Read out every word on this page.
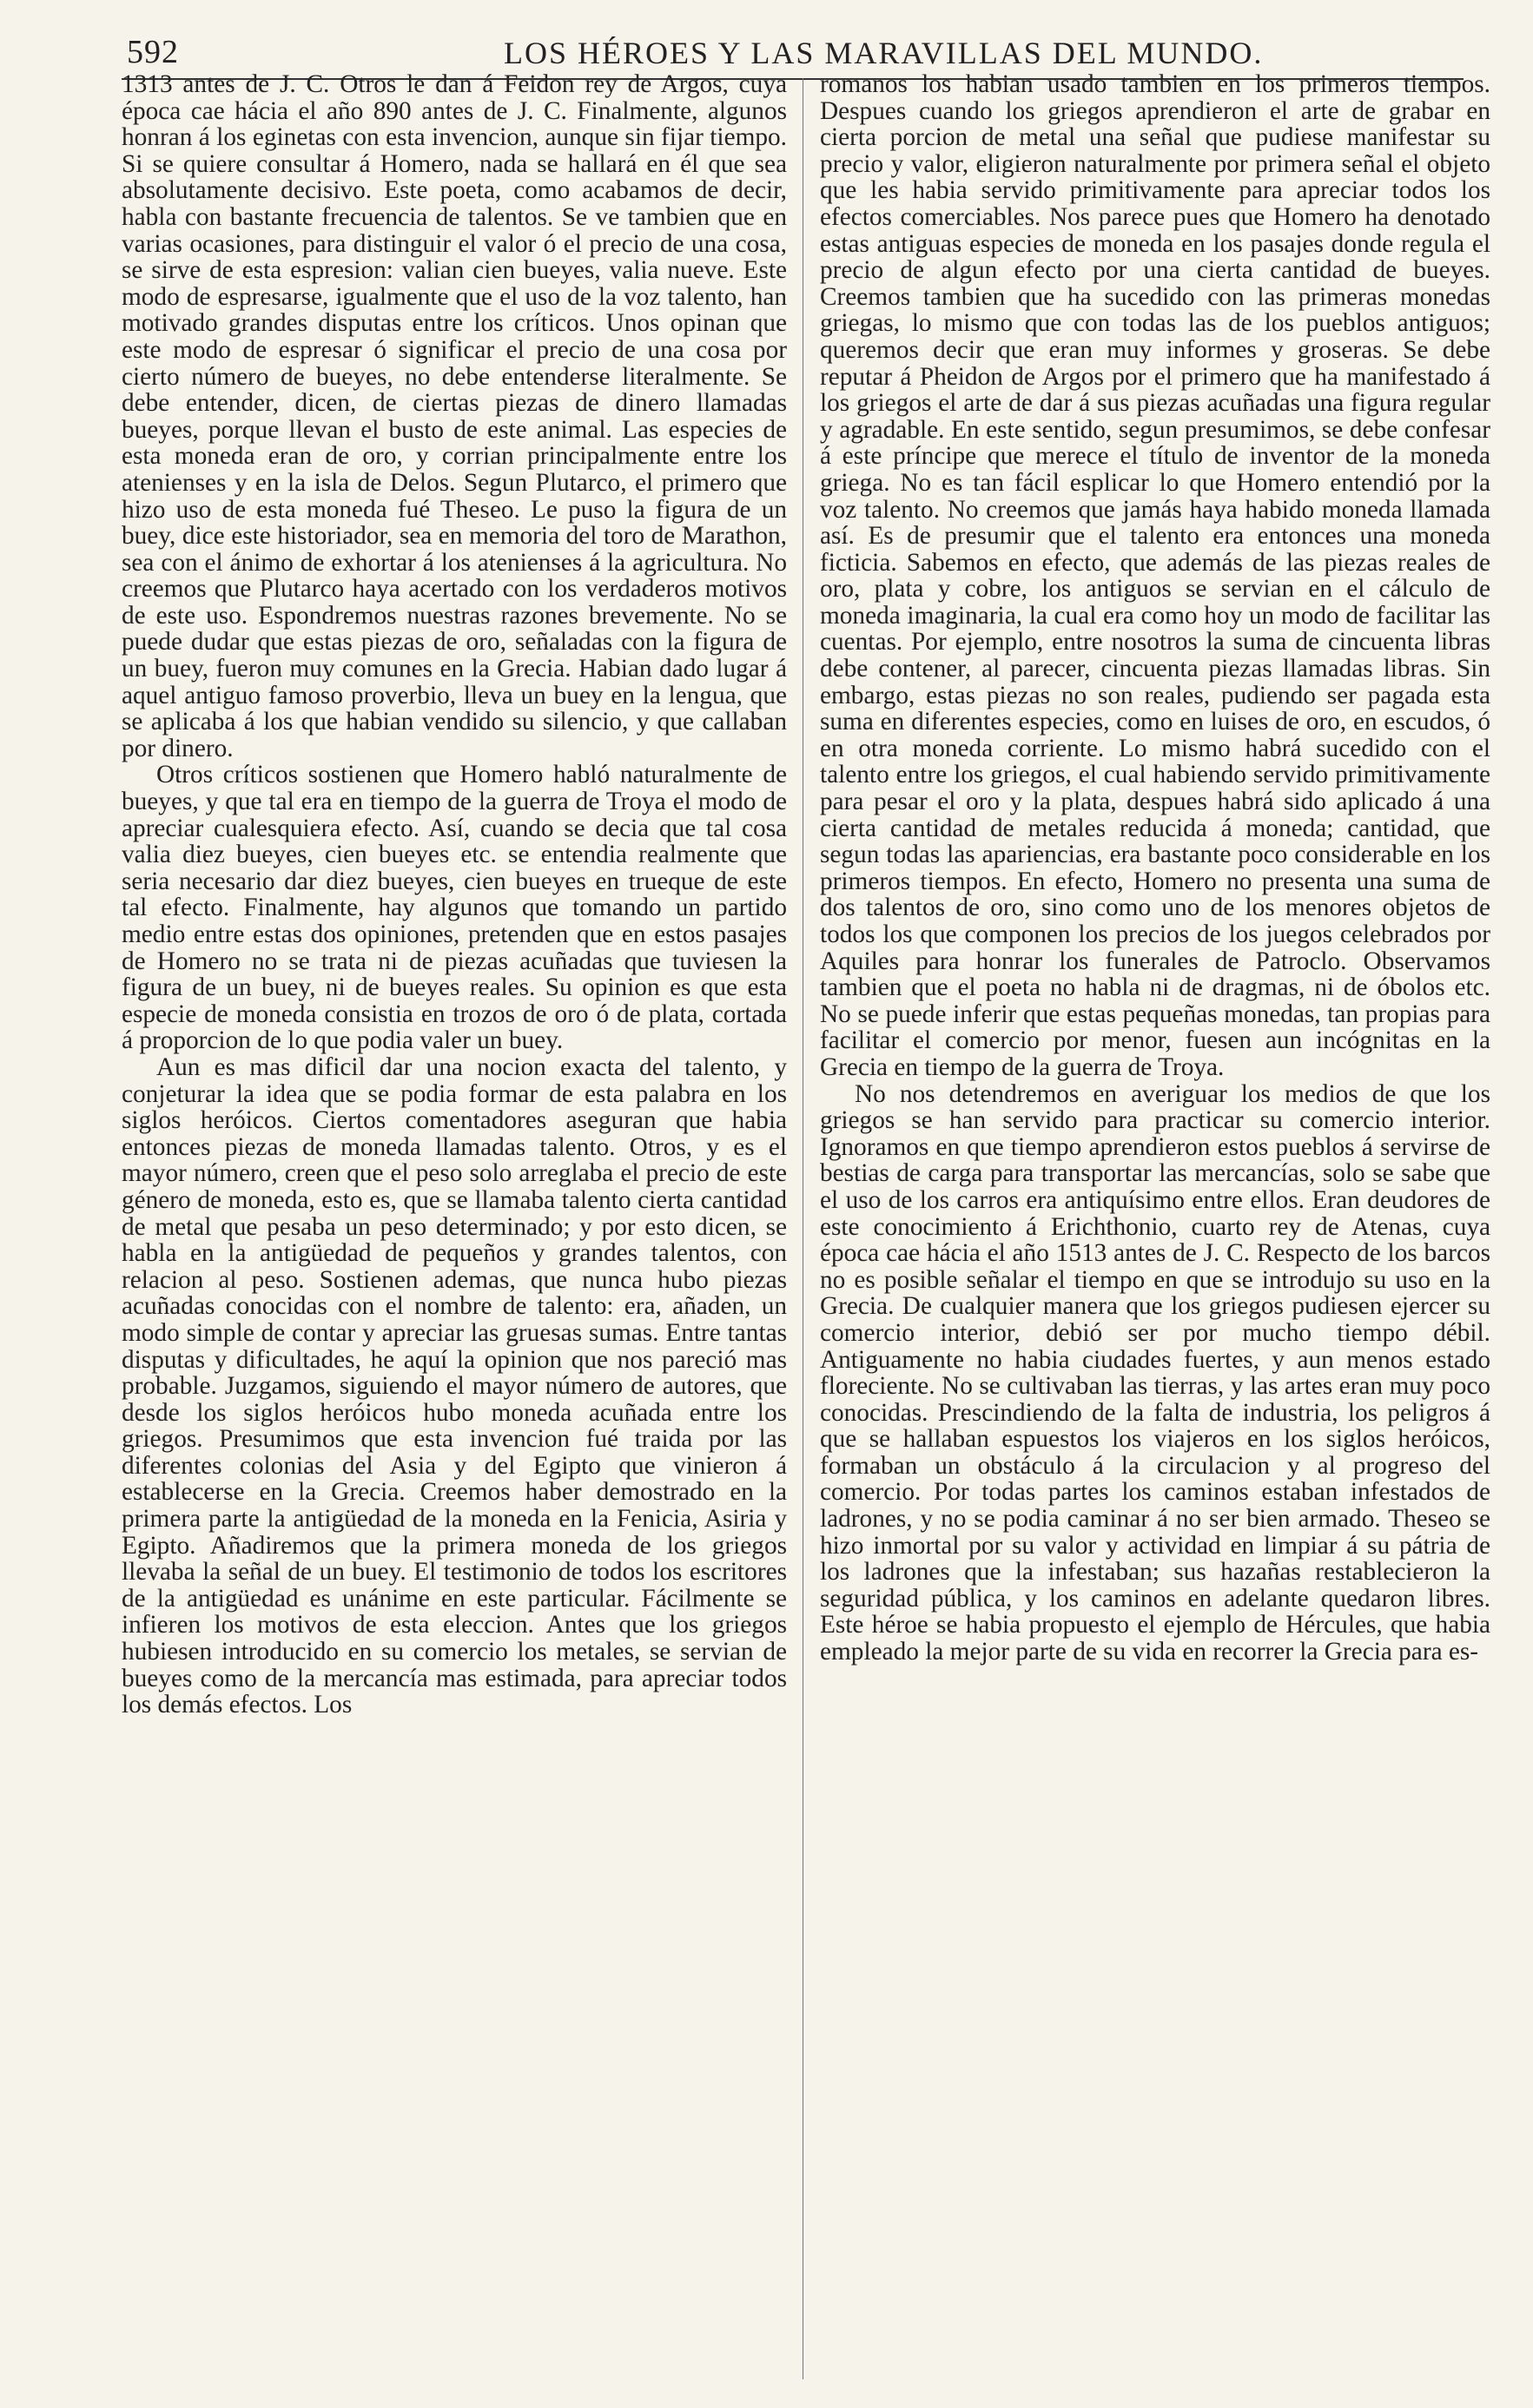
592	LOS HÉROES Y LAS MARAVILLAS DEL MUNDO.

1313 antes de J. C. Otros le dan á Feidon rey de Argos, cuya época cae hácia el año 890 antes de J. C. Finalmente, algunos honran á los eginetas con esta invencion, aunque sin fijar tiempo. Si se quiere consultar á Homero, nada se hallará en él que sea absolutamente decisivo. Este poeta, como acabamos de decir, habla con bastante frecuencia de talentos. Se ve tambien que en varias ocasiones, para distinguir el valor ó el precio de una cosa, se sirve de esta espresion: valian cien bueyes, valia nueve. Este modo de espresarse, igualmente que el uso de la voz talento, han motivado grandes disputas entre los críticos. Unos opinan que este modo de espresar ó significar el precio de una cosa por cierto número de bueyes, no debe entenderse literalmente. Se debe entender, dicen, de ciertas piezas de dinero llamadas bueyes, porque llevan el busto de este animal. Las especies de esta moneda eran de oro, y corrian principalmente entre los atenienses y en la isla de Delos. Segun Plutarco, el primero que hizo uso de esta moneda fué Theseo. Le puso la figura de un buey, dice este historiador, sea en memoria del toro de Marathon, sea con el ánimo de exhortar á los atenienses á la agricultura. No creemos que Plutarco haya acertado con los verdaderos motivos de este uso. Espondremos nuestras razones brevemente. No se puede dudar que estas piezas de oro, señaladas con la figura de un buey, fueron muy comunes en la Grecia. Habian dado lugar á aquel antiguo famoso proverbio, lleva un buey en la lengua, que se aplicaba á los que habian vendido su silencio, y que callaban por dinero.

Otros críticos sostienen que Homero habló naturalmente de bueyes, y que tal era en tiempo de la guerra de Troya el modo de apreciar cualesquiera efecto. Así, cuando se decia que tal cosa valia diez bueyes, cien bueyes etc. se entendia realmente que seria necesario dar diez bueyes, cien bueyes en trueque de este tal efecto. Finalmente, hay algunos que tomando un partido medio entre estas dos opiniones, pretenden que en estos pasajes de Homero no se trata ni de piezas acuñadas que tuviesen la figura de un buey, ni de bueyes reales. Su opinion es que esta especie de moneda consistia en trozos de oro ó de plata, cortada á proporcion de lo que podia valer un buey.

Aun es mas dificil dar una nocion exacta del talento, y conjeturar la idea que se podia formar de esta palabra en los siglos heróicos. Ciertos comentadores aseguran que habia entonces piezas de moneda llamadas talento. Otros, y es el mayor número, creen que el peso solo arreglaba el precio de este género de moneda, esto es, que se llamaba talento cierta cantidad de metal que pesaba un peso determinado; y por esto dicen, se habla en la antigüedad de pequeños y grandes talentos, con relacion al peso. Sostienen ademas, que nunca hubo piezas acuñadas conocidas con el nombre de talento: era, añaden, un modo simple de contar y apreciar las gruesas sumas. Entre tantas disputas y dificultades, he aquí la opinion que nos pareció mas probable. Juzgamos, siguiendo el mayor número de autores, que desde los siglos heróicos hubo moneda acuñada entre los griegos. Presumimos que esta invencion fué traida por las diferentes colonias del Asia y del Egipto que vinieron á establecerse en la Grecia. Creemos haber demostrado en la primera parte la antigüedad de la moneda en la Fenicia, Asiria y Egipto. Añadiremos que la primera moneda de los griegos llevaba la señal de un buey. El testimonio de todos los escritores de la antigüedad es unánime en este particular. Fácilmente se infieren los motivos de esta eleccion. Antes que los griegos hubiesen introducido en su comercio los metales, se servian de bueyes como de la mercancía mas estimada, para apreciar todos los demás efectos. Los

romanos los habian usado tambien en los primeros tiempos. Despues cuando los griegos aprendieron el arte de grabar en cierta porcion de metal una señal que pudiese manifestar su precio y valor, eligieron naturalmente por primera señal el objeto que les habia servido primitivamente para apreciar todos los efectos comerciables. Nos parece pues que Homero ha denotado estas antiguas especies de moneda en los pasajes donde regula el precio de algun efecto por una cierta cantidad de bueyes. Creemos tambien que ha sucedido con las primeras monedas griegas, lo mismo que con todas las de los pueblos antiguos; queremos decir que eran muy informes y groseras. Se debe reputar á Pheidon de Argos por el primero que ha manifestado á los griegos el arte de dar á sus piezas acuñadas una figura regular y agradable. En este sentido, segun presumimos, se debe confesar á este príncipe que merece el título de inventor de la moneda griega. No es tan fácil esplicar lo que Homero entendió por la voz talento. No creemos que jamás haya habido moneda llamada así. Es de presumir que el talento era entonces una moneda ficticia. Sabemos en efecto, que además de las piezas reales de oro, plata y cobre, los antiguos se servian en el cálculo de moneda imaginaria, la cual era como hoy un modo de facilitar las cuentas. Por ejemplo, entre nosotros la suma de cincuenta libras debe contener, al parecer, cincuenta piezas llamadas libras. Sin embargo, estas piezas no son reales, pudiendo ser pagada esta suma en diferentes especies, como en luises de oro, en escudos, ó en otra moneda corriente. Lo mismo habrá sucedido con el talento entre los griegos, el cual habiendo servido primitivamente para pesar el oro y la plata, despues habrá sido aplicado á una cierta cantidad de metales reducida á moneda; cantidad, que segun todas las apariencias, era bastante poco considerable en los primeros tiempos. En efecto, Homero no presenta una suma de dos talentos de oro, sino como uno de los menores objetos de todos los que componen los precios de los juegos celebrados por Aquiles para honrar los funerales de Patroclo. Observamos tambien que el poeta no habla ni de dragmas, ni de óbolos etc. No se puede inferir que estas pequeñas monedas, tan propias para facilitar el comercio por menor, fuesen aun incógnitas en la Grecia en tiempo de la guerra de Troya.

No nos detendremos en averiguar los medios de que los griegos se han servido para practicar su comercio interior. Ignoramos en que tiempo aprendieron estos pueblos á servirse de bestias de carga para transportar las mercancías, solo se sabe que el uso de los carros era antiquísimo entre ellos. Eran deudores de este conocimiento á Erichthonio, cuarto rey de Atenas, cuya época cae hácia el año 1513 antes de J. C. Respecto de los barcos no es posible señalar el tiempo en que se introdujo su uso en la Grecia. De cualquier manera que los griegos pudiesen ejercer su comercio interior, debió ser por mucho tiempo débil. Antiguamente no habia ciudades fuertes, y aun menos estado floreciente. No se cultivaban las tierras, y las artes eran muy poco conocidas. Prescindiendo de la falta de industria, los peligros á que se hallaban espuestos los viajeros en los siglos heróicos, formaban un obstáculo á la circulacion y al progreso del comercio. Por todas partes los caminos estaban infestados de ladrones, y no se podia caminar á no ser bien armado. Theseo se hizo inmortal por su valor y actividad en limpiar á su pátria de los ladrones que la infestaban; sus hazañas restablecieron la seguridad pública, y los caminos en adelante quedaron libres. Este héroe se habia propuesto el ejemplo de Hércules, que habia empleado la mejor parte de su vida en recorrer la Grecia para es-
